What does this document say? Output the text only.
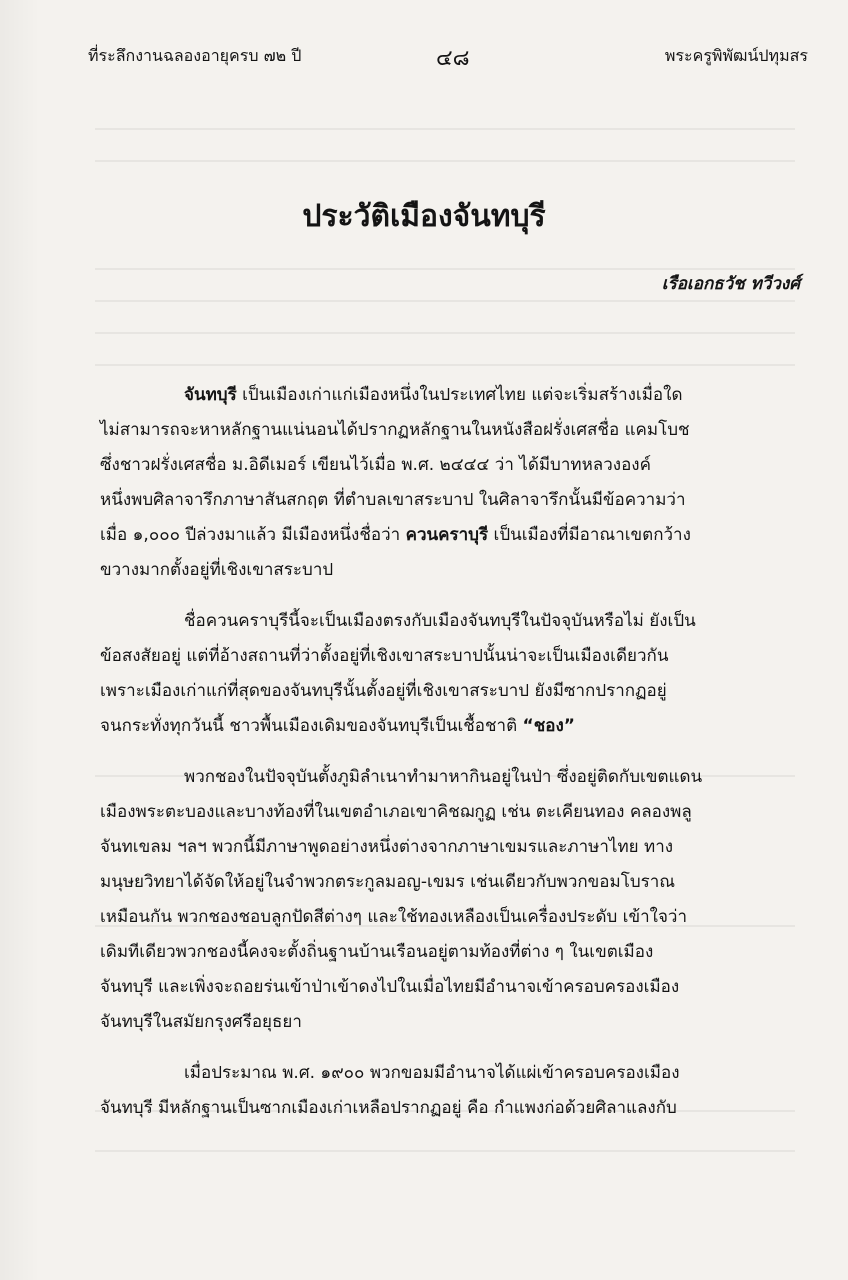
ที่ระลึกงานฉลองอายุครบ ๗๒ ปี	๔๘	พระครูพิพัฒน์ปทุมสร
ประวัติเมืองจันทบุรี
เรือเอกธวัช ทวีวงศ์
จันทบุรี เป็นเมืองเก่าแก่เมืองหนึ่งในประเทศไทย แต่จะเริ่มสร้างเมื่อใด
ไม่สามารถจะหาหลักฐานแน่นอนได้ปรากฏหลักฐานในหนังสือฝรั่งเศสชื่อ แคมโบช
ซึ่งชาวฝรั่งเศสชื่อ ม.อิดีเมอร์ เขียนไว้เมื่อ พ.ศ. ๒๔๔๔ ว่า ได้มีบาทหลวงองค์
หนึ่งพบศิลาจารึกภาษาสันสกฤต ที่ตำบลเขาสระบาป ในศิลาจารึกนั้นมีข้อความว่า
เมื่อ ๑,๐๐๐ ปีล่วงมาแล้ว มีเมืองหนึ่งชื่อว่า ควนคราบุรี เป็นเมืองที่มีอาณาเขตกว้าง
ขวางมากตั้งอยู่ที่เชิงเขาสระบาป
ชื่อควนคราบุรีนี้จะเป็นเมืองตรงกับเมืองจันทบุรีในปัจจุบันหรือไม่ ยังเป็น
ข้อสงสัยอยู่ แต่ที่อ้างสถานที่ว่าตั้งอยู่ที่เชิงเขาสระบาปนั้นน่าจะเป็นเมืองเดียวกัน
เพราะเมืองเก่าแก่ที่สุดของจันทบุรีนั้นตั้งอยู่ที่เชิงเขาสระบาป ยังมีซากปรากฏอยู่
จนกระทั่งทุกวันนี้ ชาวพื้นเมืองเดิมของจันทบุรีเป็นเชื้อชาติ “ชอง”
พวกชองในปัจจุบันตั้งภูมิลำเนาทำมาหากินอยู่ในป่า ซึ่งอยู่ติดกับเขตแดน
เมืองพระตะบองและบางท้องที่ในเขตอำเภอเขาคิชฌกูฏ เช่น ตะเคียนทอง คลองพลู
จันทเขลม ฯลฯ พวกนี้มีภาษาพูดอย่างหนึ่งต่างจากภาษาเขมรและภาษาไทย ทาง
มนุษยวิทยาได้จัดให้อยู่ในจำพวกตระกูลมอญ-เขมร เช่นเดียวกับพวกขอมโบราณ
เหมือนกัน พวกชองชอบลูกปัดสีต่างๆ และใช้ทองเหลืองเป็นเครื่องประดับ เข้าใจว่า
เดิมทีเดียวพวกชองนี้คงจะตั้งถิ่นฐานบ้านเรือนอยู่ตามท้องที่ต่าง ๆ ในเขตเมือง
จันทบุรี และเพิ่งจะถอยร่นเข้าป่าเข้าดงไปในเมื่อไทยมีอำนาจเข้าครอบครองเมือง
จันทบุรีในสมัยกรุงศรีอยุธยา
เมื่อประมาณ พ.ศ. ๑๙๐๐ พวกขอมมีอำนาจได้แผ่เข้าครอบครองเมือง
จันทบุรี มีหลักฐานเป็นซากเมืองเก่าเหลือปรากฏอยู่ คือ กำแพงก่อด้วยศิลาแลงกับ
